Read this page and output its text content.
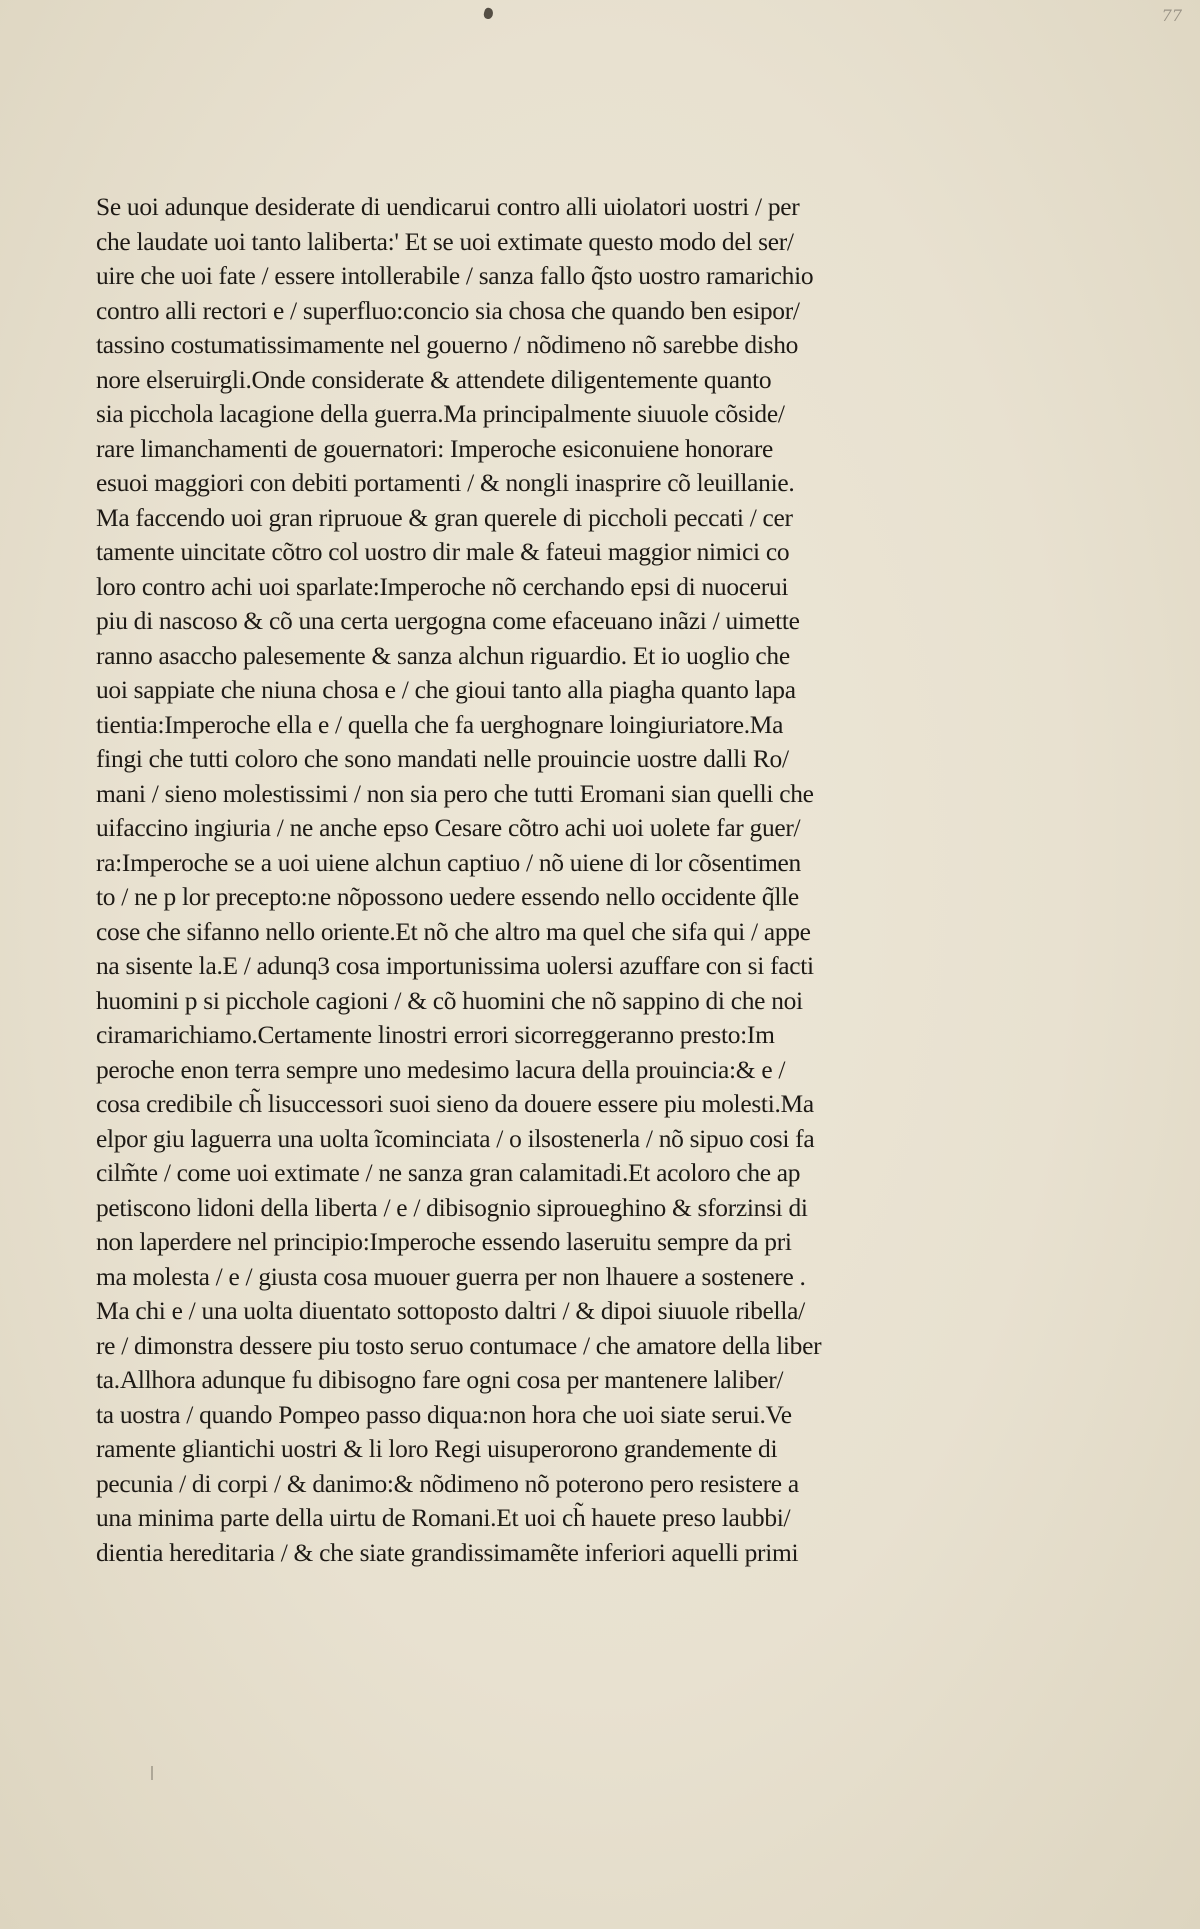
77
Se uoi adunque desiderate di uendicarui contro alli uiolatori uostri / per
che laudate uoi tanto laliberta:' Et se uoi extimate questo modo del ser/
uire che uoi fate / essere intollerabile / sanza fallo q̃sto uostro ramarichio
contro alli rectori e / superfluo:concio sia chosa che quando ben esipor/
tassino costumatissimamente nel gouerno / nõdimeno nõ sarebbe disho
nore elseruirgli.Onde considerate & attendete diligentemente quanto
sia picchola lacagione della guerra.Ma principalmente siuuole cõside/
rare limanchamenti de gouernatori: Imperoche esiconuiene honorare
esuoi maggiori con debiti portamenti / & nongli inasprire cõ leuillanie.
Ma faccendo uoi gran ripruoue & gran querele di piccholi peccati / cer
tamente uincitate cõtro col uostro dir male & fateui maggior nimici co
loro contro achi uoi sparlate:Imperoche nõ cerchando epsi di nuocerui
piu di nascoso & cõ una certa uergogna come efaceuano inãzi / uimette
ranno asaccho palesemente & sanza alchun riguardio. Et io uoglio che
uoi sappiate che niuna chosa e / che gioui tanto alla piagha quanto lapa
tientia:Imperoche ella e / quella che fa uerghognare loingiuriatore.Ma
fingi che tutti coloro che sono mandati nelle prouincie uostre dalli Ro/
mani / sieno molestissimi / non sia pero che tutti Eromani sian quelli che
uifaccino ingiuria / ne anche epso Cesare cõtro achi uoi uolete far guer/
ra:Imperoche se a uoi uiene alchun captiuo / nõ uiene di lor cõsentimen
to / ne p lor precepto:ne nõpossono uedere essendo nello occidente q̃lle
cose che sifanno nello oriente.Et nõ che altro ma quel che sifa qui / appe
na sisente la.E / adunq3 cosa importunissima uolersi azuffare con si facti
huomini p si picchole cagioni / & cõ huomini che nõ sappino di che noi
ciramarichiamo.Certamente linostri errori sicorreggeranno presto:Im
peroche enon terra sempre uno medesimo lacura della prouincia:& e /
cosa credibile ch̃ lisuccessori suoi sieno da douere essere piu molesti.Ma
elpor giu laguerra una uolta ĩcominciata / o ilsostenerla / nõ sipuo cosi fa
cilm̃te / come uoi extimate / ne sanza gran calamitadi.Et acoloro che ap
petiscono lidoni della liberta / e / dibisognio siproueghino & sforzinsi di
non laperdere nel principio:Imperoche essendo laseruitu sempre da pri
ma molesta / e / giusta cosa muouer guerra per non lhauere a sostenere .
Ma chi e / una uolta diuentato sottoposto daltri / & dipoi siuuole ribella/
re / dimonstra dessere piu tosto seruo contumace / che amatore della liber
ta.Allhora adunque fu dibisogno fare ogni cosa per mantenere laliber/
ta uostra / quando Pompeo passo diqua:non hora che uoi siate serui.Ve
ramente gliantichi uostri & li loro Regi uisuperorono grandemente di
pecunia / di corpi / & danimo:& nõdimeno nõ poterono pero resistere a
una minima parte della uirtu de Romani.Et uoi ch̃ hauete preso laubbi/
dientia hereditaria / & che siate grandissimamẽte inferiori aquelli primi
